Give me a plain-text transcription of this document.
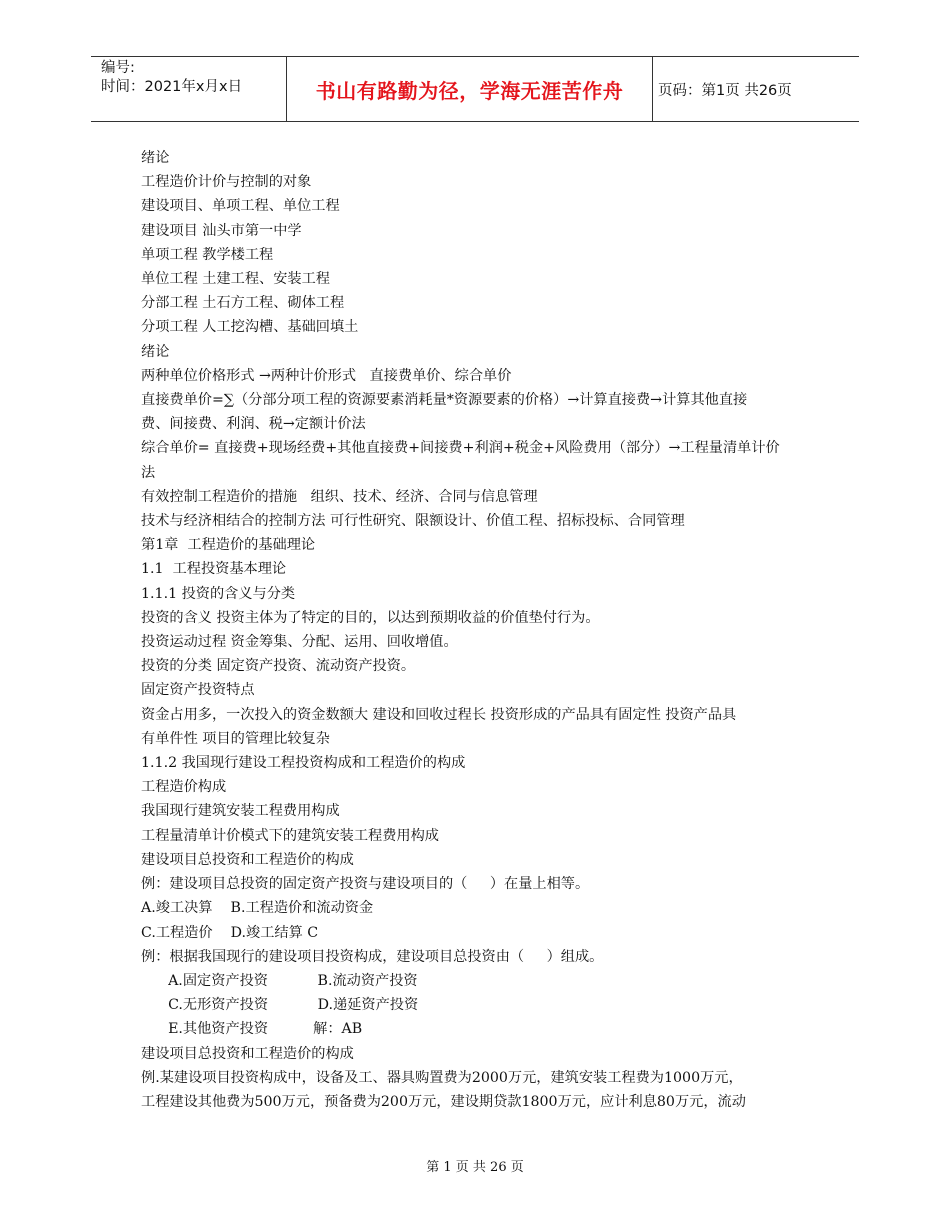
编号:
时间：2021年x月x日	书山有路勤为径，学海无涯苦作舟	页码：第1页 共26页

绪论

工程造价计价与控制的对象

建设项目、单项工程、单位工程

建设项目 汕头市第一中学

单项工程 教学楼工程

单位工程 土建工程、安装工程

分部工程 土石方工程、砌体工程

分项工程 人工挖沟槽、基础回填土

绪论

两种单位价格形式 →两种计价形式   直接费单价、综合单价

直接费单价=∑（分部分项工程的资源要素消耗量*资源要素的价格）→计算直接费→计算其他直接

费、间接费、利润、税→定额计价法

综合单价= 直接费+现场经费+其他直接费+间接费+利润+税金+风险费用（部分）→工程量清单计价

法

有效控制工程造价的措施   组织、技术、经济、合同与信息管理

技术与经济相结合的控制方法 可行性研究、限额设计、价值工程、招标投标、合同管理

第1章  工程造价的基础理论

1.1  工程投资基本理论

1.1.1 投资的含义与分类

投资的含义 投资主体为了特定的目的，以达到预期收益的价值垫付行为。

投资运动过程 资金筹集、分配、运用、回收增值。

投资的分类 固定资产投资、流动资产投资。

固定资产投资特点

资金占用多，一次投入的资金数额大 建设和回收过程长 投资形成的产品具有固定性 投资产品具

有单件性 项目的管理比较复杂

1.1.2 我国现行建设工程投资构成和工程造价的构成

工程造价构成

我国现行建筑安装工程费用构成

工程量清单计价模式下的建筑安装工程费用构成

建设项目总投资和工程造价的构成

例：建设项目总投资的固定资产投资与建设项目的（     ）在量上相等。

A.竣工决算    B.工程造价和流动资金

C.工程造价    D.竣工结算 C

例：根据我国现行的建设项目投资构成，建设项目总投资由（     ）组成。

A.固定资产投资           B.流动资产投资

C.无形资产投资           D.递延资产投资

E.其他资产投资          解：AB

建设项目总投资和工程造价的构成

例.某建设项目投资构成中，设备及工、器具购置费为2000万元，建筑安装工程费为1000万元，

工程建设其他费为500万元，预备费为200万元，建设期贷款1800万元，应计利息80万元，流动

第 1 页 共 26 页
